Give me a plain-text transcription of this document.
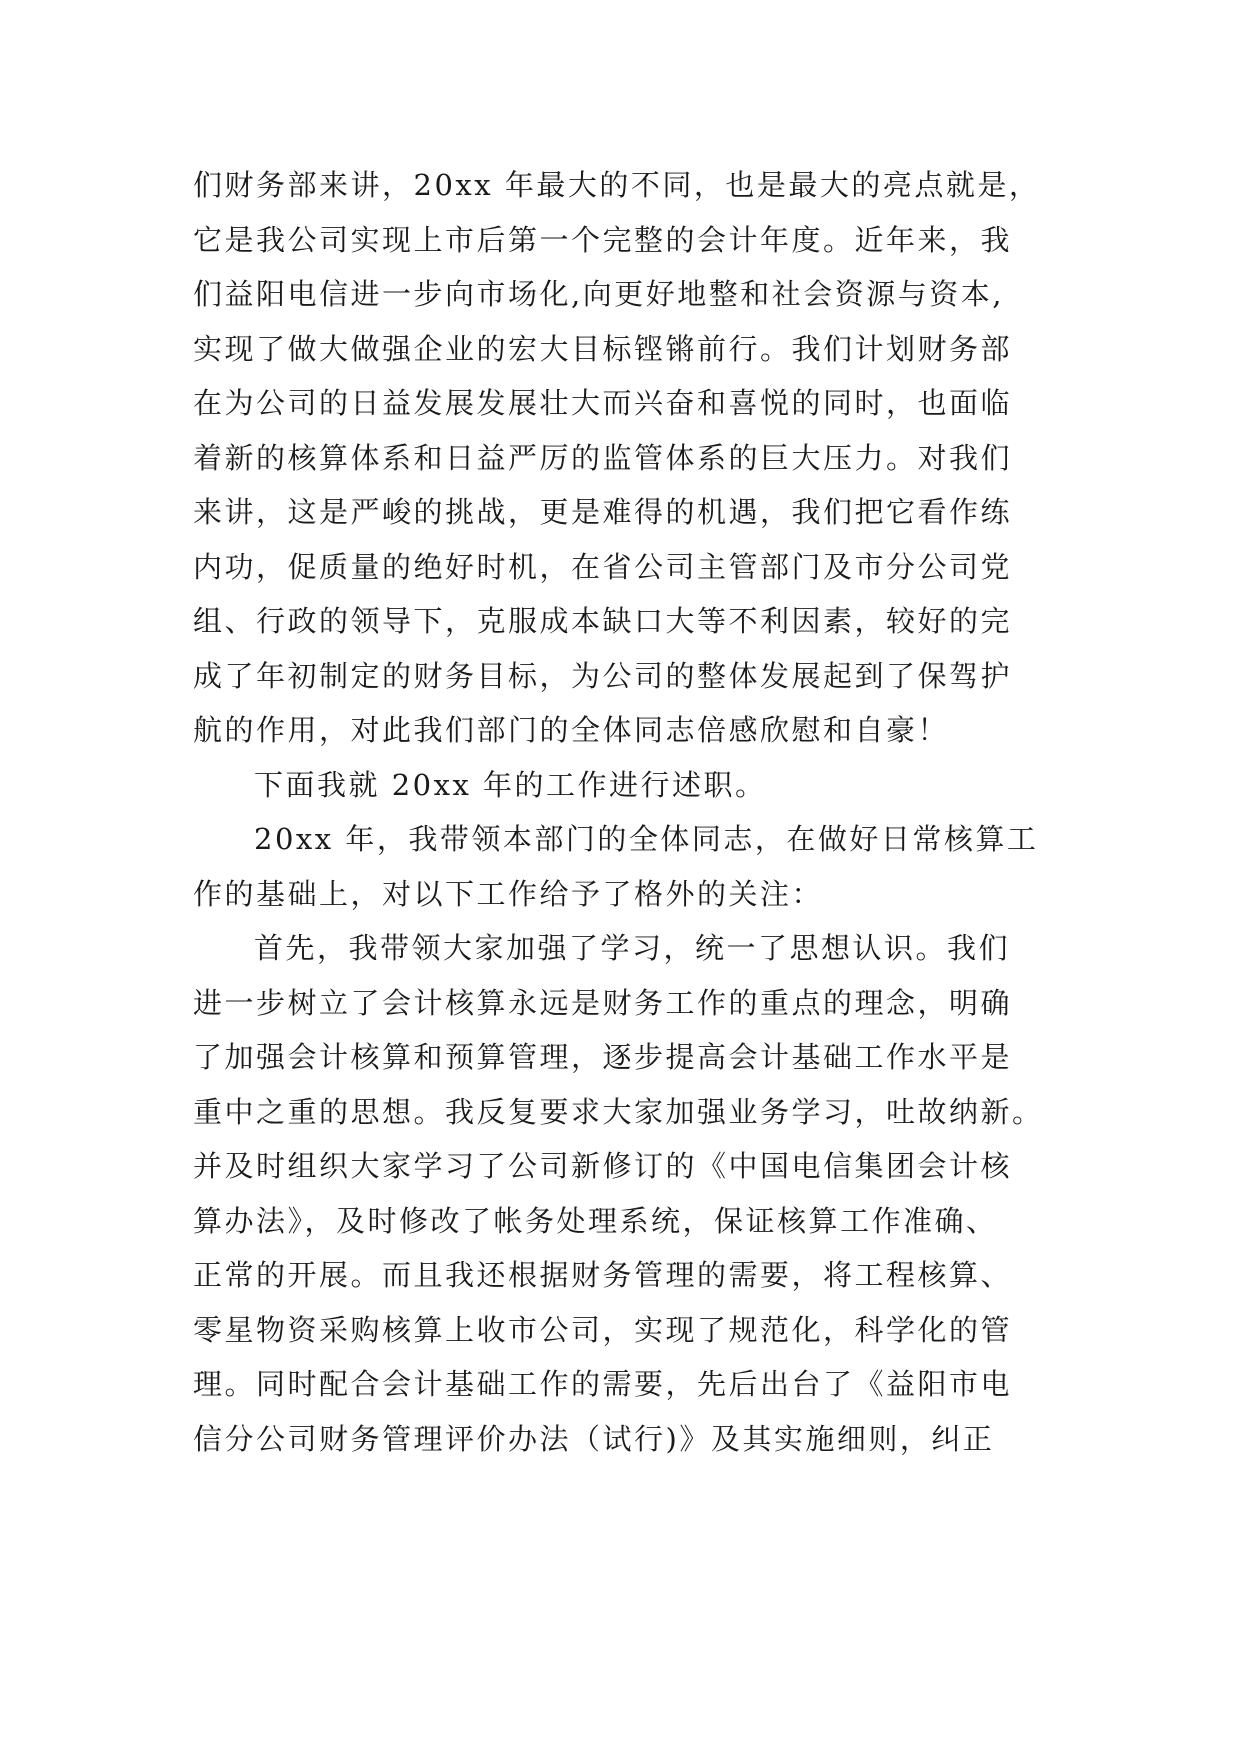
们财务部来讲，20xx 年最大的不同，也是最大的亮点就是，
它是我公司实现上市后第一个完整的会计年度。近年来，我
们益阳电信进一步向市场化,向更好地整和社会资源与资本,
实现了做大做强企业的宏大目标铿锵前行。我们计划财务部
在为公司的日益发展发展壮大而兴奋和喜悦的同时，也面临
着新的核算体系和日益严厉的监管体系的巨大压力。对我们
来讲，这是严峻的挑战，更是难得的机遇，我们把它看作练
内功，促质量的绝好时机，在省公司主管部门及市分公司党
组、行政的领导下，克服成本缺口大等不利因素，较好的完
成了年初制定的财务目标，为公司的整体发展起到了保驾护
航的作用，对此我们部门的全体同志倍感欣慰和自豪！
下面我就 20xx 年的工作进行述职。
20xx 年，我带领本部门的全体同志，在做好日常核算工
作的基础上，对以下工作给予了格外的关注：
首先，我带领大家加强了学习，统一了思想认识。我们
进一步树立了会计核算永远是财务工作的重点的理念，明确
了加强会计核算和预算管理，逐步提高会计基础工作水平是
重中之重的思想。我反复要求大家加强业务学习，吐故纳新。
并及时组织大家学习了公司新修订的《中国电信集团会计核
算办法》，及时修改了帐务处理系统，保证核算工作准确、
正常的开展。而且我还根据财务管理的需要，将工程核算、
零星物资采购核算上收市公司，实现了规范化，科学化的管
理。同时配合会计基础工作的需要，先后出台了《益阳市电
信分公司财务管理评价办法（试行)》及其实施细则，纠正
